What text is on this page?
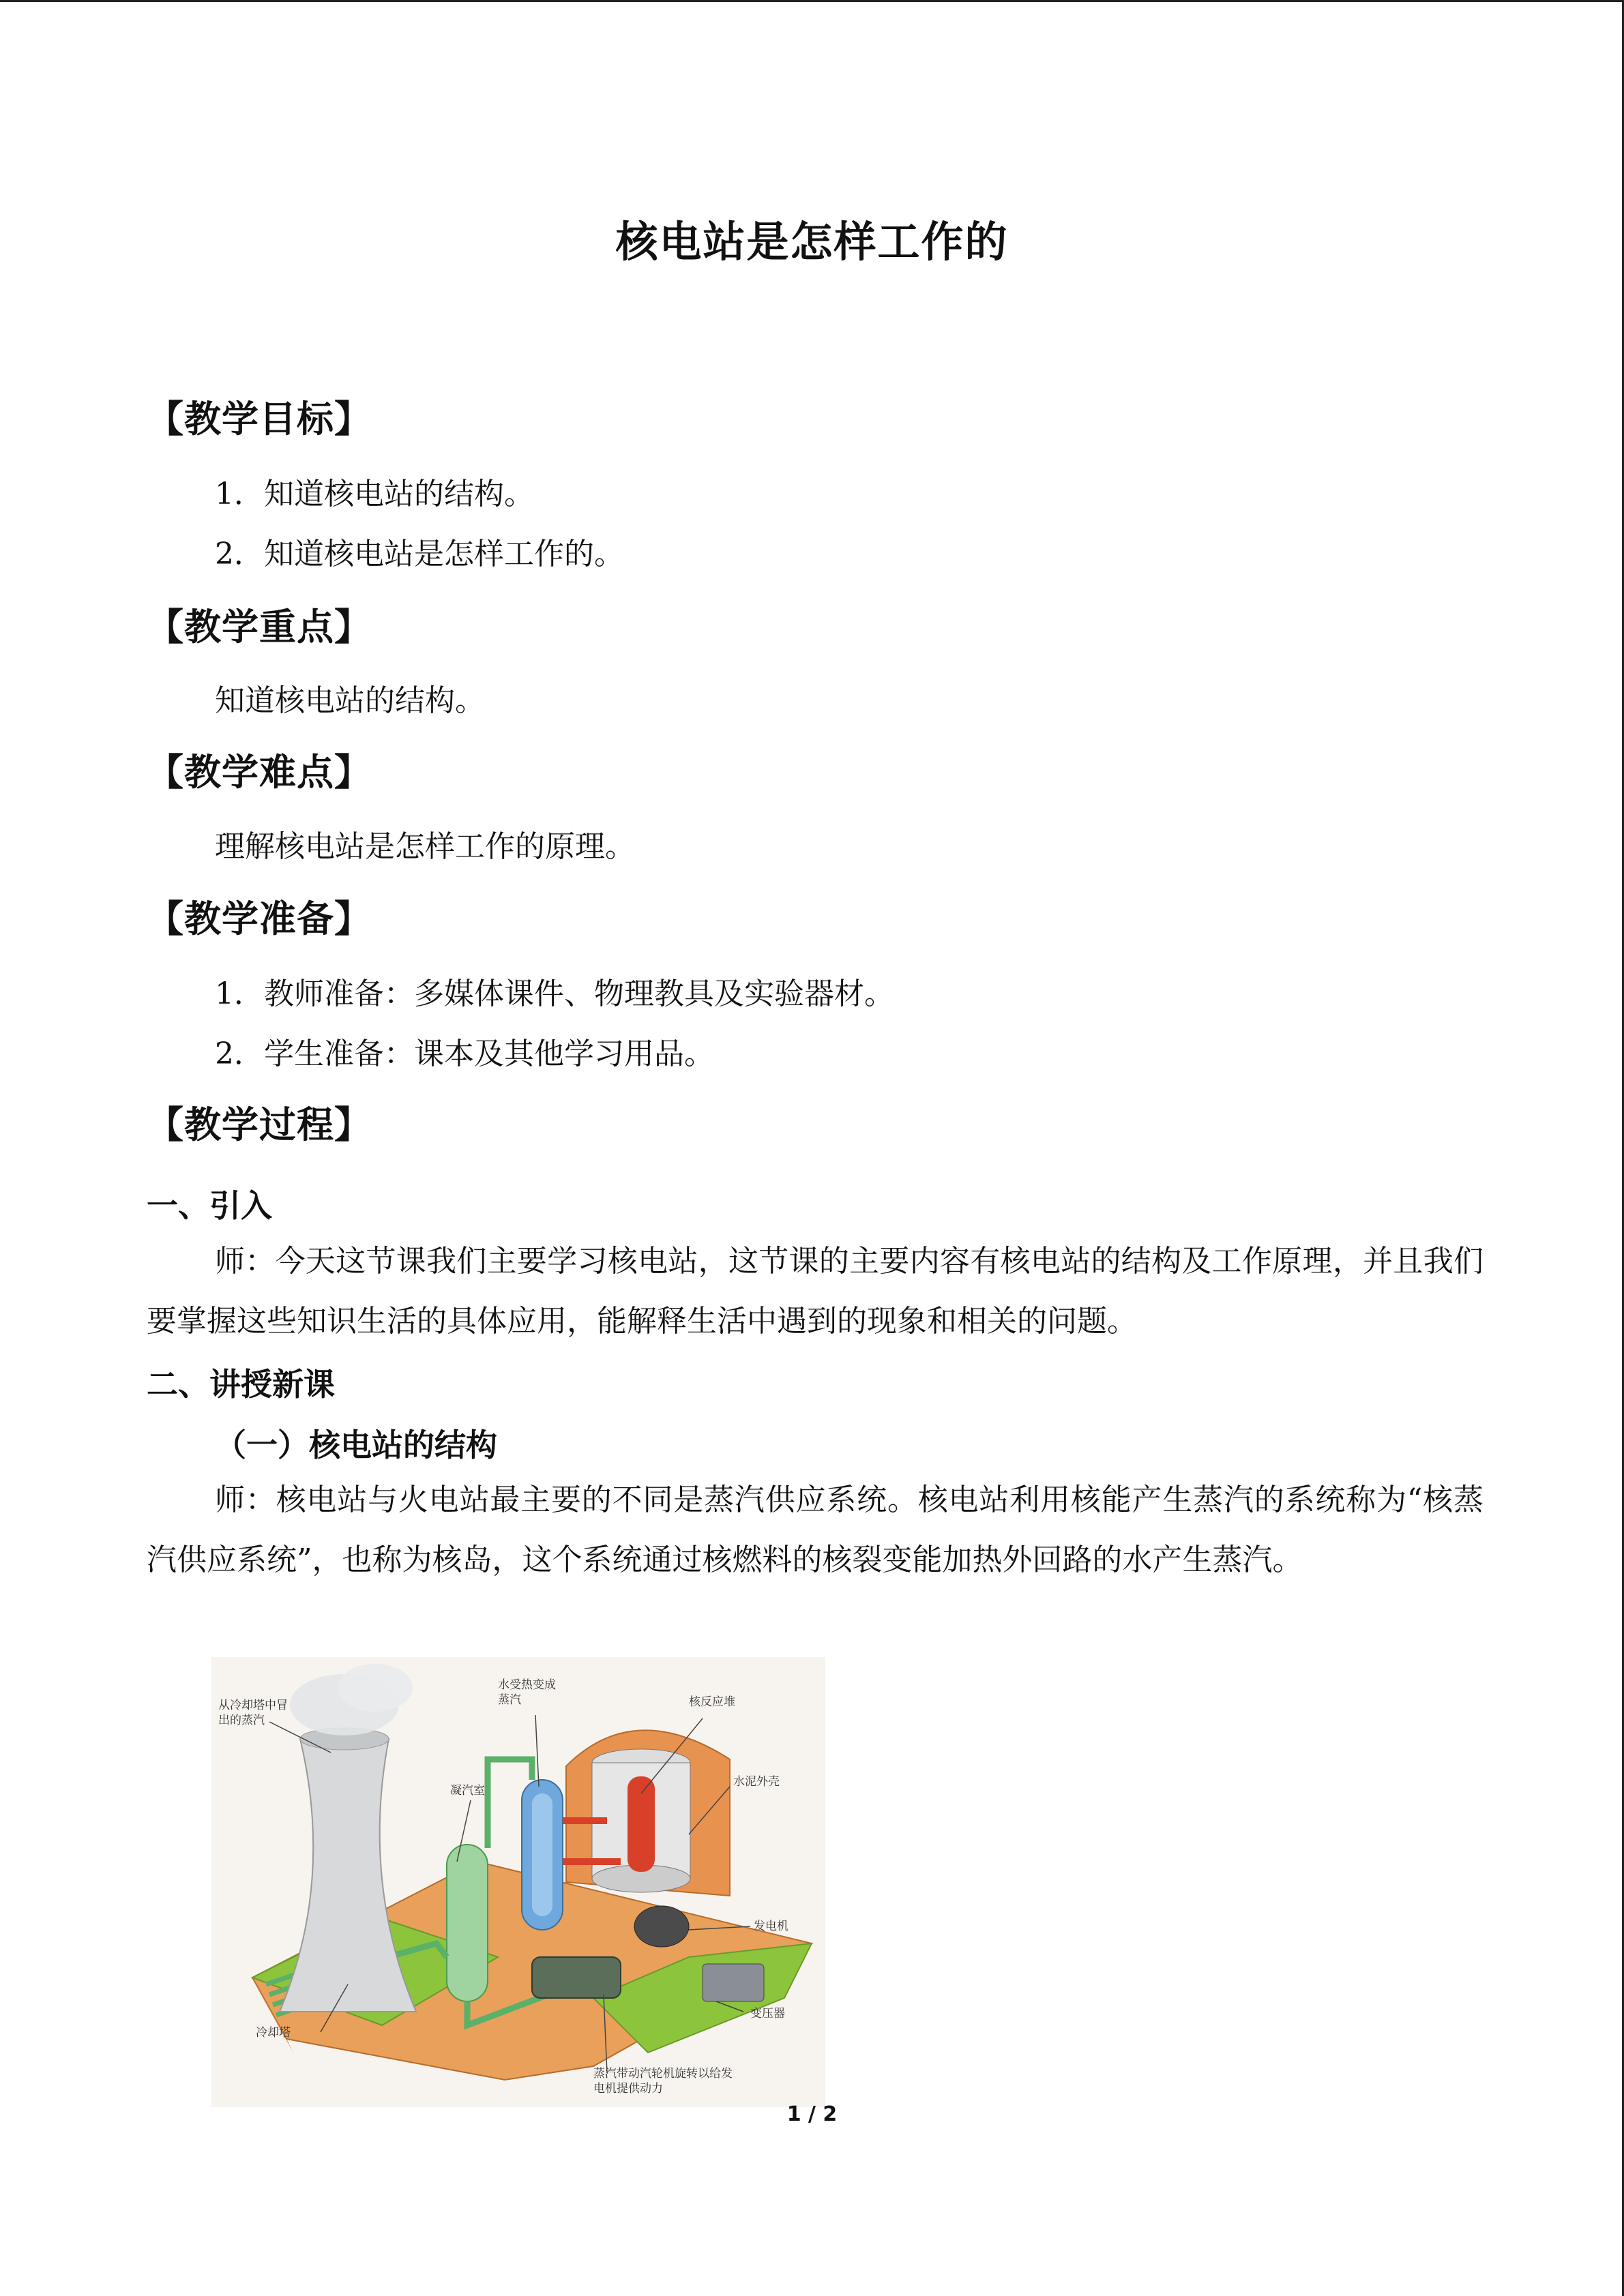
核电站是怎样工作的
【教学目标】
1．知道核电站的结构。
2．知道核电站是怎样工作的。
【教学重点】
知道核电站的结构。
【教学难点】
理解核电站是怎样工作的原理。
【教学准备】
1．教师准备：多媒体课件、物理教具及实验器材。
2．学生准备：课本及其他学习用品。
【教学过程】
一、引入
师：今天这节课我们主要学习核电站，这节课的主要内容有核电站的结构及工作原理，并且我们要掌握这些知识生活的具体应用，能解释生活中遇到的现象和相关的问题。
二、讲授新课
（一）核电站的结构
师：核电站与火电站最主要的不同是蒸汽供应系统。核电站利用核能产生蒸汽的系统称为“核蒸汽供应系统”，也称为核岛，这个系统通过核燃料的核裂变能加热外回路的水产生蒸汽。
从冷却塔中冒出的蒸汽
水受热变成蒸汽	核反应堆
凝汽室
水泥外壳
发电机
冷却塔
变压器
蒸汽带动汽轮机旋转以给发电机提供动力
1 / 2
